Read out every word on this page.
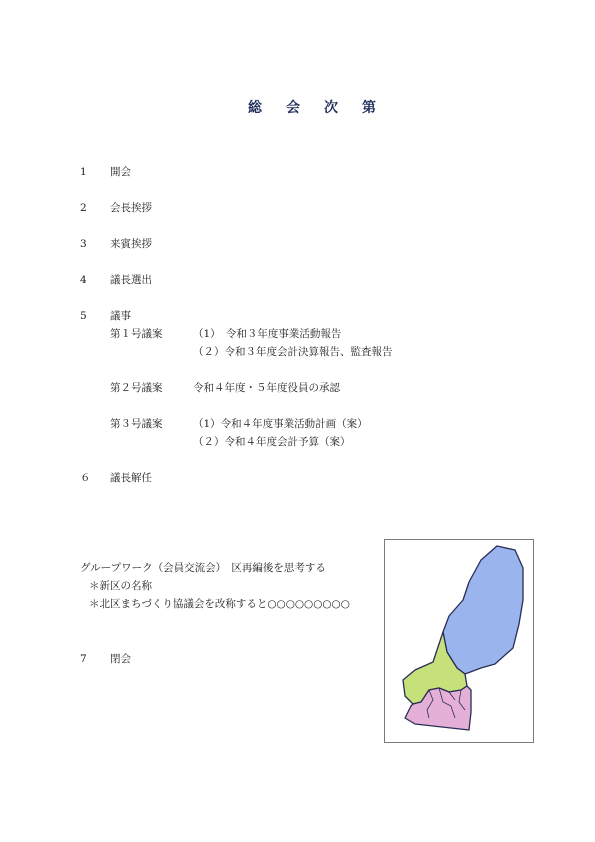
総 会 次 第
1 開会
2 会長挨拶
3 来賓挨拶
4 議長選出
5 議事
第１号議案	（1）　令和３年度事業活動報告
（２）令和３年度会計決算報告、監査報告
第２号議案	令和４年度・５年度役員の承認
第３号議案	（1）令和４年度事業活動計画（案）
（２）令和４年度会計予算（案）
６ 議長解任
グループワーク（会員交流会）　区再編後を思考する
＊新区の名称
＊北区まちづくり協議会を改称すると○○○○○○○○○
7 閉会
